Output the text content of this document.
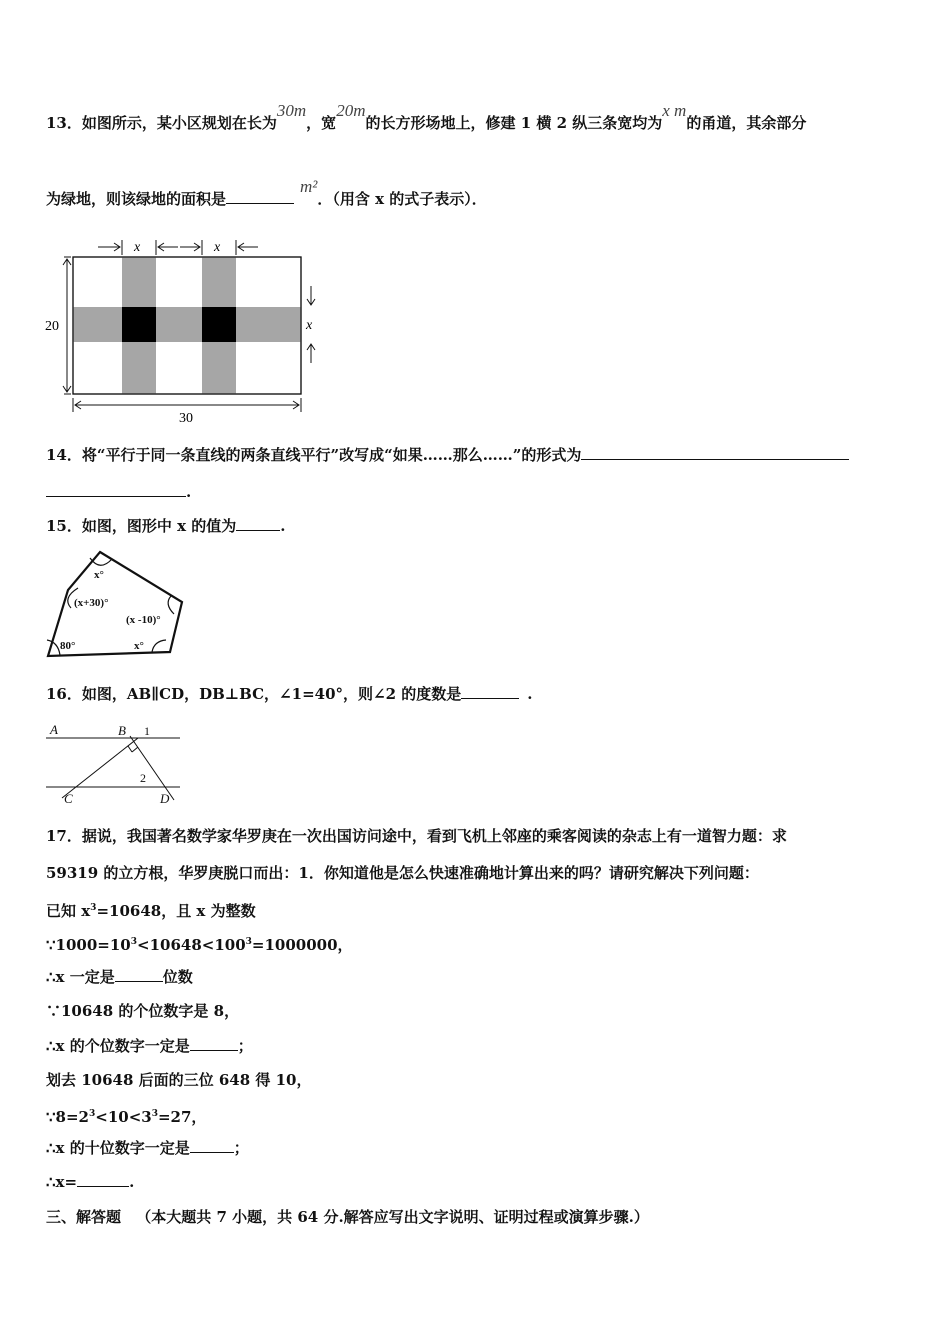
13．如图所示，某小区规划在长为30m，宽20m的长方形场地上，修建 1 横 2 纵三条宽均为x m的甬道，其余部分
为绿地，则该绿地的面积是m²．（用含 x 的式子表示）．
x	x
x
20
30
14．将“平行于同一条直线的两条直线平行”改写成“如果……那么……”的形式为
.
15．如图，图形中 x 的值为	.
x°
(x+30)°
(x -10)°
80°	x°
16．如图，AB∥CD，DB⊥BC，∠1=40°，则∠2 的度数是	.
A	B
C	D
1
2
17．据说，我国著名数学家华罗庚在一次出国访问途中，看到飞机上邻座的乘客阅读的杂志上有一道智力题：求
59319 的立方根，华罗庚脱口而出：1．你知道他是怎么快速准确地计算出来的吗？请研究解决下列问题：
已知 $x^3=10648$，且 x 为整数
$\because 1000=10^3<10648<100^3=1000000$，
∴x 一定是	位数
∵10648 的个位数字是 8，
∴x 的个位数字一定是	；
划去 10648 后面的三位 648 得 10，
$\because 8=2^3<10<3^3=27$，
∴x 的十位数字一定是	；
∴x=	.
三、解答题 （本大题共 7 小题，共 64 分.解答应写出文字说明、证明过程或演算步骤.）
